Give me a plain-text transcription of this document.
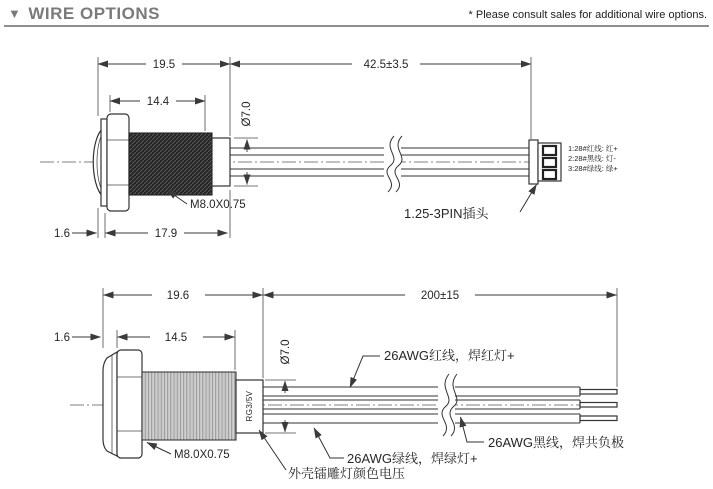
▼ WIRE OPTIONS	* Please consult sales for additional wire options.
19.5	42.5±3.5
14.4	Ø7.0
1.6	17.9
M8.0X0.75
1.25-3PIN插头
1:28#红线: 红+
2:28#黑线: 灯-
3:28#绿线: 绿+
RG3/5V
19.6	200±15
1.6	14.5
Ø7.0
M8.0X0.75
外壳镭雕灯颜色电压
26AWG红线，焊红灯+
26AWG黑线，焊共负极
26AWG绿线，焊绿灯+
